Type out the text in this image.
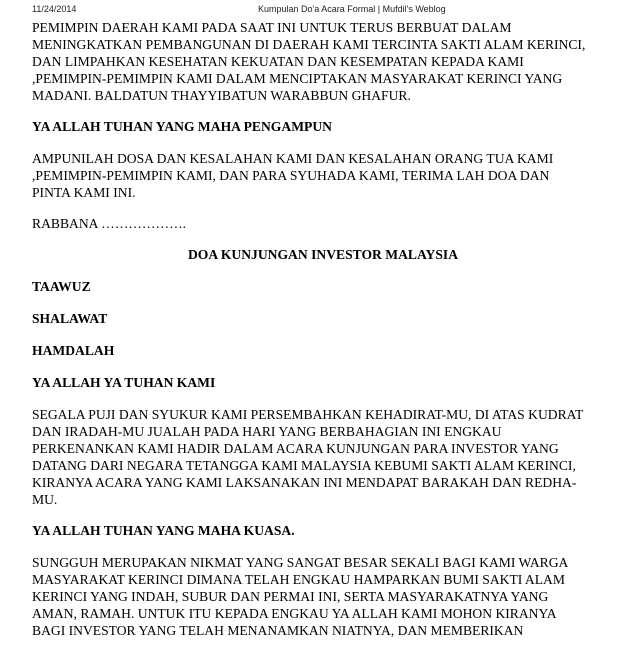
11/24/2014	Kumpulan Do'a Acara Formal | Mufdil's Weblog
PEMIMPIN DAERAH KAMI PADA SAAT INI UNTUK TERUS BERBUAT DALAM
MENINGKATKAN PEMBANGUNAN DI DAERAH KAMI TERCINTA SAKTI ALAM KERINCI,
DAN LIMPAHKAN KESEHATAN KEKUATAN DAN KESEMPATAN KEPADA KAMI
,PEMIMPIN-PEMIMPIN KAMI DALAM MENCIPTAKAN MASYARAKAT KERINCI YANG
MADANI. BALDATUN THAYYIBATUN WARABBUN GHAFUR.
YA ALLAH TUHAN YANG MAHA PENGAMPUN
AMPUNILAH DOSA DAN KESALAHAN KAMI DAN KESALAHAN ORANG TUA KAMI
,PEMIMPIN-PEMIMPIN KAMI, DAN PARA SYUHADA KAMI, TERIMA LAH DOA DAN
PINTA KAMI INI.
RABBANA ……………….
DOA KUNJUNGAN INVESTOR MALAYSIA
TAAWUZ
SHALAWAT
HAMDALAH
YA ALLAH YA TUHAN KAMI
SEGALA PUJI DAN SYUKUR KAMI PERSEMBAHKAN KEHADIRAT-MU, DI ATAS KUDRAT
DAN IRADAH-MU JUALAH PADA HARI YANG BERBAHAGIAN INI ENGKAU
PERKENANKAN KAMI HADIR DALAM ACARA KUNJUNGAN PARA INVESTOR YANG
DATANG DARI NEGARA TETANGGA KAMI MALAYSIA KEBUMI SAKTI ALAM KERINCI,
KIRANYA ACARA YANG KAMI LAKSANAKAN INI MENDAPAT BARAKAH DAN REDHA-
MU.
YA ALLAH TUHAN YANG MAHA KUASA.
SUNGGUH MERUPAKAN NIKMAT YANG SANGAT BESAR SEKALI BAGI KAMI WARGA
MASYARAKAT KERINCI DIMANA TELAH ENGKAU HAMPARKAN BUMI SAKTI ALAM
KERINCI YANG INDAH, SUBUR DAN PERMAI INI, SERTA MASYARAKATNYA YANG
AMAN, RAMAH. UNTUK ITU KEPADA ENGKAU YA ALLAH KAMI MOHON KIRANYA
BAGI INVESTOR YANG TELAH MENANAMKAN NIATNYA, DAN MEMBERIKAN
